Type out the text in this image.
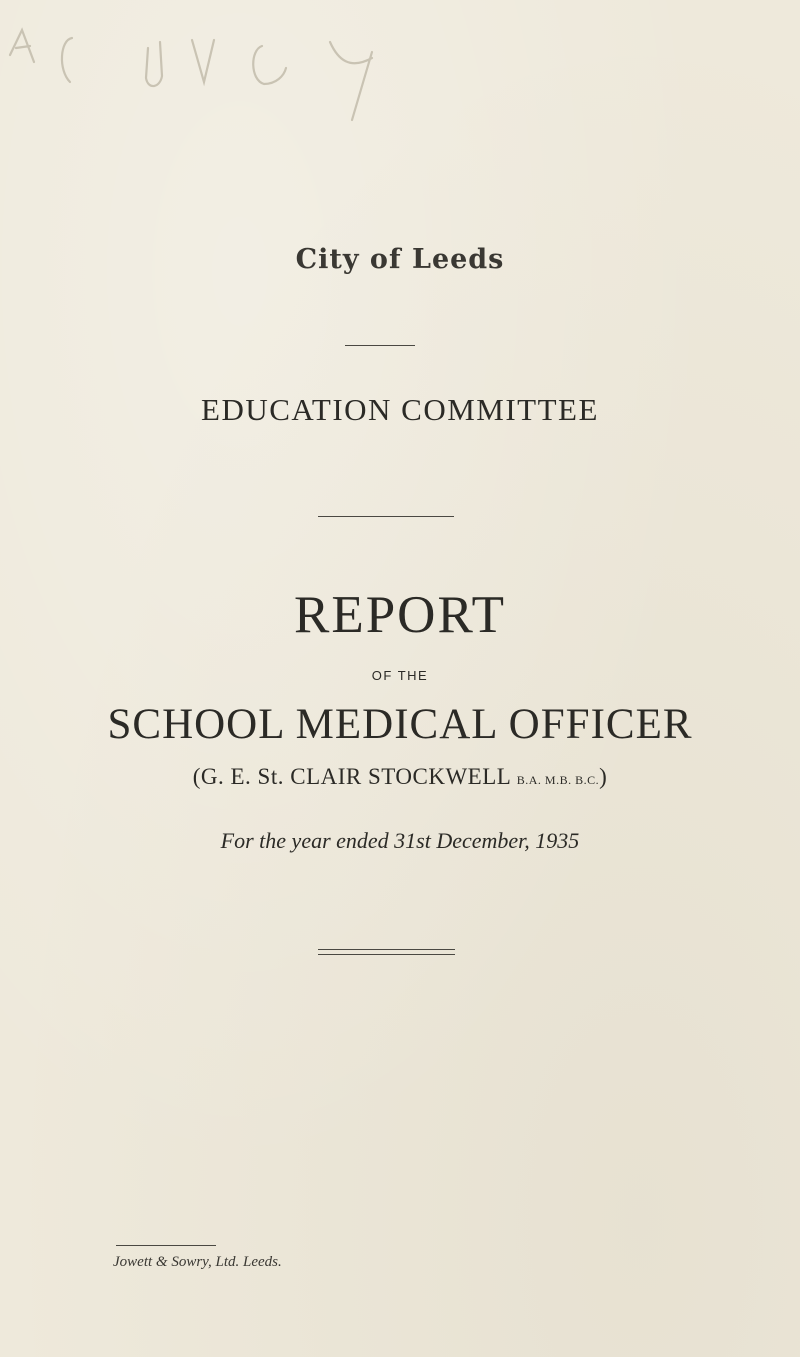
City of Leeds
EDUCATION COMMITTEE
REPORT
OF THE
SCHOOL MEDICAL OFFICER
(G. E. St. CLAIR STOCKWELL B.A. M.B. B.C.)
For the year ended 31st December, 1935
Jowett & Sowry, Ltd. Leeds.
